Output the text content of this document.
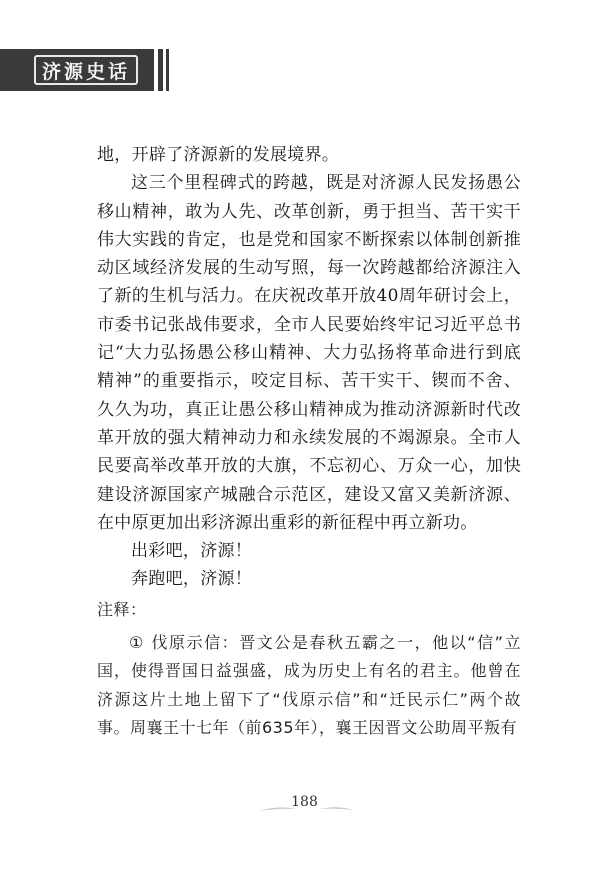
济源史话

地，开辟了济源新的发展境界。

这三个里程碑式的跨越，既是对济源人民发扬愚公移山精神，敢为人先、改革创新，勇于担当、苦干实干伟大实践的肯定，也是党和国家不断探索以体制创新推动区域经济发展的生动写照，每一次跨越都给济源注入了新的生机与活力。在庆祝改革开放40周年研讨会上，市委书记张战伟要求，全市人民要始终牢记习近平总书记“大力弘扬愚公移山精神、大力弘扬将革命进行到底精神”的重要指示，咬定目标、苦干实干、锲而不舍、久久为功，真正让愚公移山精神成为推动济源新时代改革开放的强大精神动力和永续发展的不竭源泉。全市人民要高举改革开放的大旗，不忘初心、万众一心，加快建设济源国家产城融合示范区，建设又富又美新济源、在中原更加出彩济源出重彩的新征程中再立新功。

出彩吧，济源！

奔跑吧，济源！

注释：

① 伐原示信：晋文公是春秋五霸之一，他以“信”立国，使得晋国日益强盛，成为历史上有名的君主。他曾在济源这片土地上留下了“伐原示信”和“迁民示仁”两个故事。周襄王十七年（前635年），襄王因晋文公助周平叛有

188
